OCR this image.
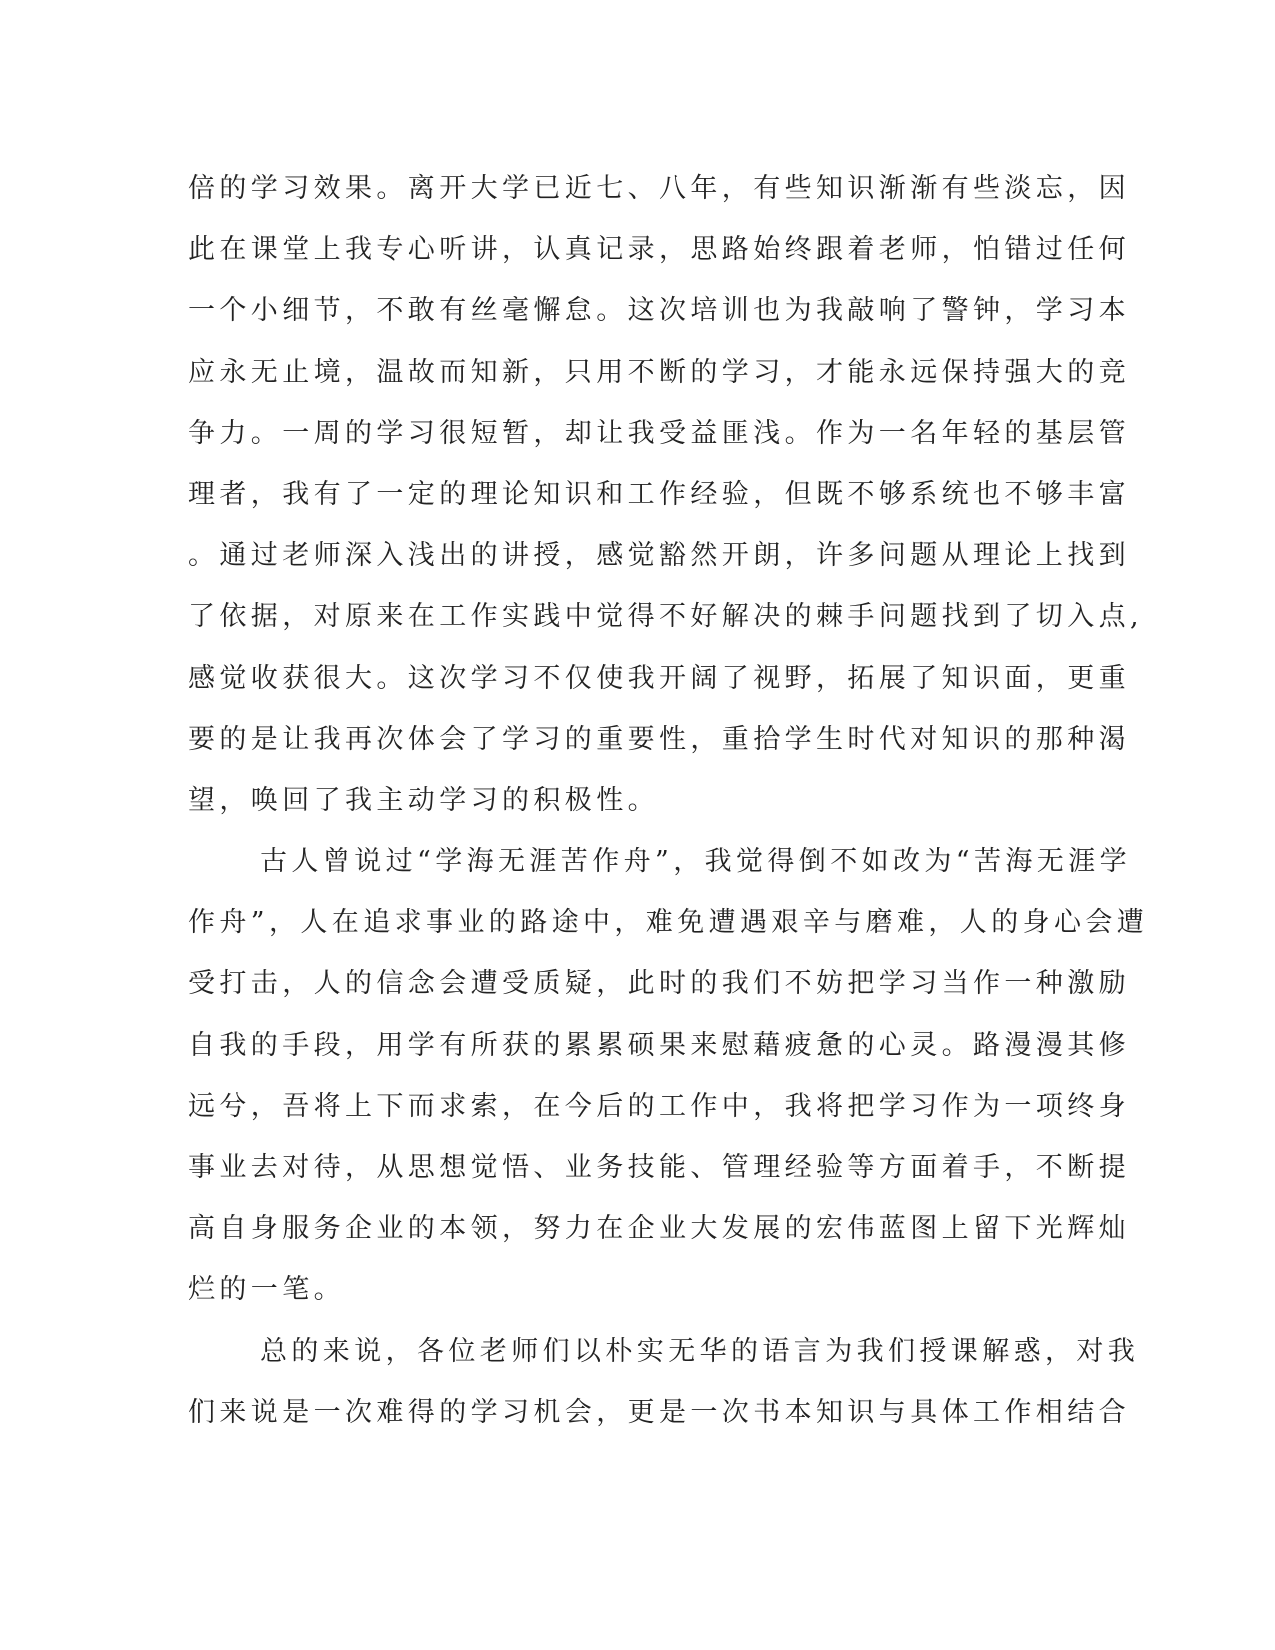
倍的学习效果。离开大学已近七、八年，有些知识渐渐有些淡忘，因
此在课堂上我专心听讲，认真记录，思路始终跟着老师，怕错过任何
一个小细节，不敢有丝毫懈怠。这次培训也为我敲响了警钟，学习本
应永无止境，温故而知新，只用不断的学习，才能永远保持强大的竞
争力。一周的学习很短暂，却让我受益匪浅。作为一名年轻的基层管
理者，我有了一定的理论知识和工作经验，但既不够系统也不够丰富
。通过老师深入浅出的讲授，感觉豁然开朗，许多问题从理论上找到
了依据，对原来在工作实践中觉得不好解决的棘手问题找到了切入点,
感觉收获很大。这次学习不仅使我开阔了视野，拓展了知识面，更重
要的是让我再次体会了学习的重要性，重拾学生时代对知识的那种渴
望，唤回了我主动学习的积极性。
古人曾说过“学海无涯苦作舟”，我觉得倒不如改为“苦海无涯学
作舟”，人在追求事业的路途中，难免遭遇艰辛与磨难，人的身心会遭
受打击，人的信念会遭受质疑，此时的我们不妨把学习当作一种激励
自我的手段，用学有所获的累累硕果来慰藉疲惫的心灵。路漫漫其修
远兮，吾将上下而求索，在今后的工作中，我将把学习作为一项终身
事业去对待，从思想觉悟、业务技能、管理经验等方面着手，不断提
高自身服务企业的本领，努力在企业大发展的宏伟蓝图上留下光辉灿
烂的一笔。
总的来说，各位老师们以朴实无华的语言为我们授课解惑，对我
们来说是一次难得的学习机会，更是一次书本知识与具体工作相结合
